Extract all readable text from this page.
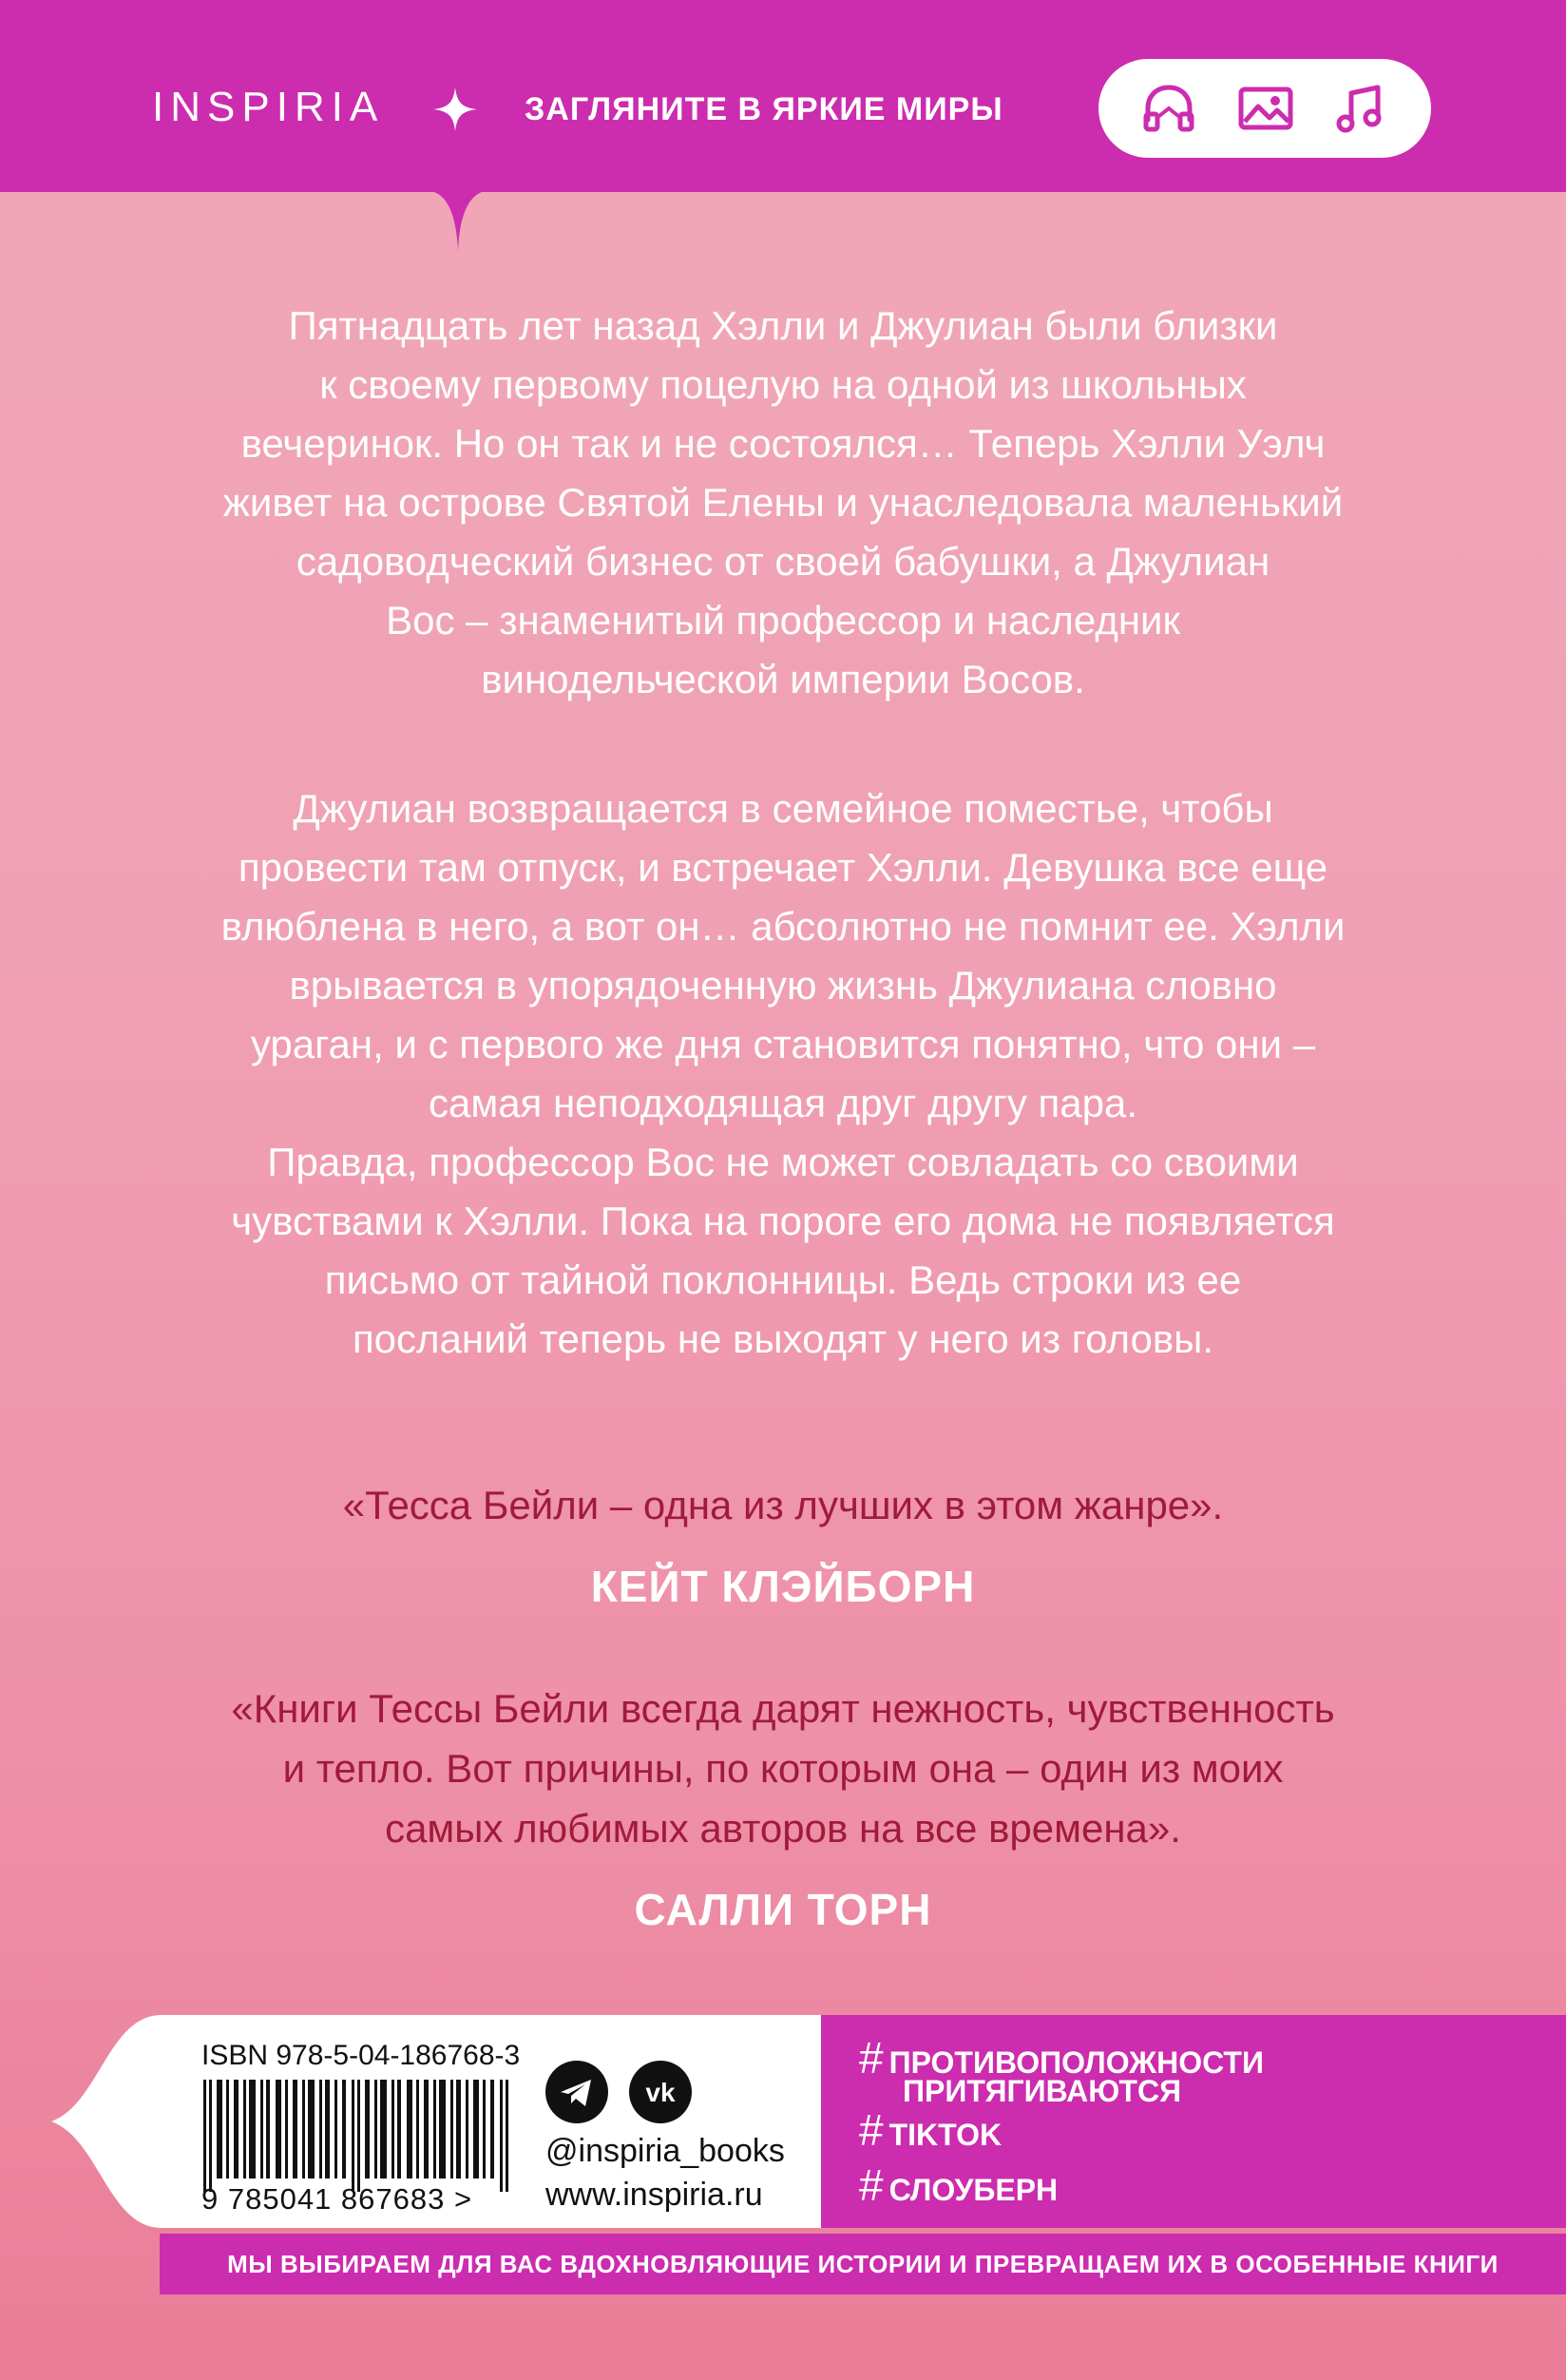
INSPIRIA	ЗАГЛЯНИТЕ В ЯРКИЕ МИРЫ
Пятнадцать лет назад Хэлли и Джулиан были близки
к своему первому поцелую на одной из школьных
вечеринок. Но он так и не состоялся… Теперь Хэлли Уэлч
живет на острове Святой Елены и унаследовала маленький
садоводческий бизнес от своей бабушки, а Джулиан
Вос – знаменитый профессор и наследник
винодельческой империи Восов.
Джулиан возвращается в семейное поместье, чтобы
провести там отпуск, и встречает Хэлли. Девушка все еще
влюблена в него, а вот он… абсолютно не помнит ее. Хэлли
врывается в упорядоченную жизнь Джулиана словно
ураган, и с первого же дня становится понятно, что они –
самая неподходящая друг другу пара.
Правда, профессор Вос не может совладать со своими
чувствами к Хэлли. Пока на пороге его дома не появляется
письмо от тайной поклонницы. Ведь строки из ее
посланий теперь не выходят у него из головы.
«Тесса Бейли – одна из лучших в этом жанре».
КЕЙТ КЛЭЙБОРН
«Книги Тессы Бейли всегда дарят нежность, чувственность
и тепло. Вот причины, по которым она – один из моих
самых любимых авторов на все времена».
САЛЛИ ТОРН
ISBN 978-5-04-186768-3
9 785041 867683 >
vk
@inspiria_books
www.inspiria.ru
# ПРОТИВОПОЛОЖНОСТИ
ПРИТЯГИВАЮТСЯ
# TIKTOK
# СЛОУБЕРН
МЫ ВЫБИРАЕМ ДЛЯ ВАС ВДОХНОВЛЯЮЩИЕ ИСТОРИИ И ПРЕВРАЩАЕМ ИХ В ОСОБЕННЫЕ КНИГИ
